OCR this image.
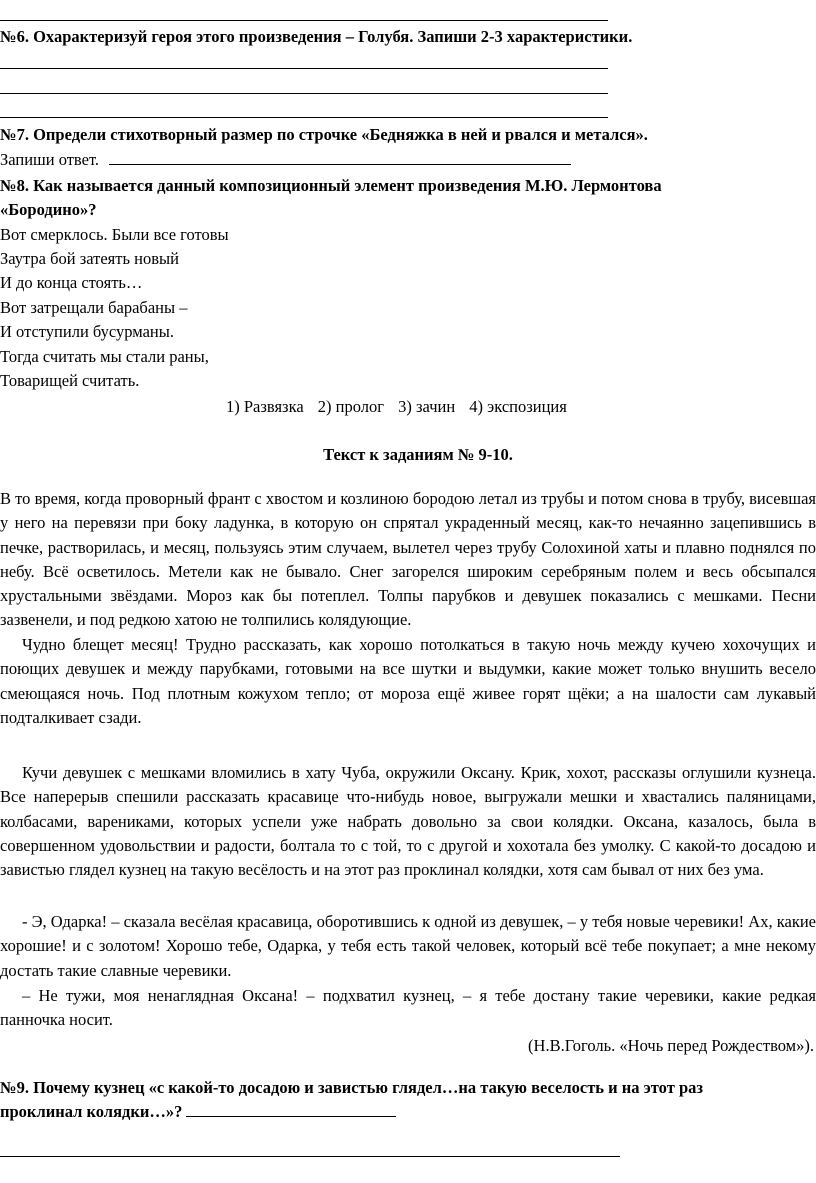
№6. Охарактеризуй героя этого произведения – Голубя. Запиши 2-3 характеристики.
№7. Определи стихотворный размер по строчке «Бедняжка в ней и рвался и метался».
Запиши ответ.
№8. Как называется данный композиционный элемент произведения М.Ю. Лермонтова
«Бородино»?
Вот смерклось. Были все готовы
Заутра бой затеять новый
И до конца стоять…
Вот затрещали барабаны –
И отступили бусурманы.
Тогда считать мы стали раны,
Товарищей считать.
1) Развязка 2) пролог 3) зачин 4) экспозиция
Текст к заданиям № 9-10.
В то время, когда проворный франт с хвостом и козлиною бородою летал из трубы и потом снова в трубу, висевшая у него на перевязи при боку ладунка, в которую он спрятал украденный месяц, как-то нечаянно зацепившись в печке, растворилась, и месяц, пользуясь этим случаем, вылетел через трубу Солохиной хаты и плавно поднялся по небу. Всё осветилось. Метели как не бывало. Снег загорелся широким серебряным полем и весь обсыпался хрустальными звёздами. Мороз как бы потеплел. Толпы парубков и девушек показались с мешками. Песни зазвенели, и под редкою хатою не толпились колядующие.
Чудно блещет месяц! Трудно рассказать, как хорошо потолкаться в такую ночь между кучею хохочущих и поющих девушек и между парубками, готовыми на все шутки и выдумки, какие может только внушить весело смеющаяся ночь. Под плотным кожухом тепло; от мороза ещё живее горят щёки; а на шалости сам лукавый подталкивает сзади.
Кучи девушек с мешками вломились в хату Чуба, окружили Оксану. Крик, хохот, рассказы оглушили кузнеца. Все наперерыв спешили рассказать красавице что-нибудь новое, выгружали мешки и хвастались паляницами, колбасами, варениками, которых успели уже набрать довольно за свои колядки. Оксана, казалось, была в совершенном удовольствии и радости, болтала то с той, то с другой и хохотала без умолку. С какой-то досадою и завистью глядел кузнец на такую весёлость и на этот раз проклинал колядки, хотя сам бывал от них без ума.
- Э, Одарка! – сказала весёлая красавица, оборотившись к одной из девушек, – у тебя новые черевики! Ах, какие хорошие! и с золотом! Хорошо тебе, Одарка, у тебя есть такой человек, который всё тебе покупает; а мне некому достать такие славные черевики.
– Не тужи, моя ненаглядная Оксана! – подхватил кузнец, – я тебе достану такие черевики, какие редкая панночка носит.
(Н.В.Гоголь. «Ночь перед Рождеством»).
№9. Почему кузнец «с какой-то досадою и завистью глядел…на такую веселость и на этот раз
проклинал колядки…»?
